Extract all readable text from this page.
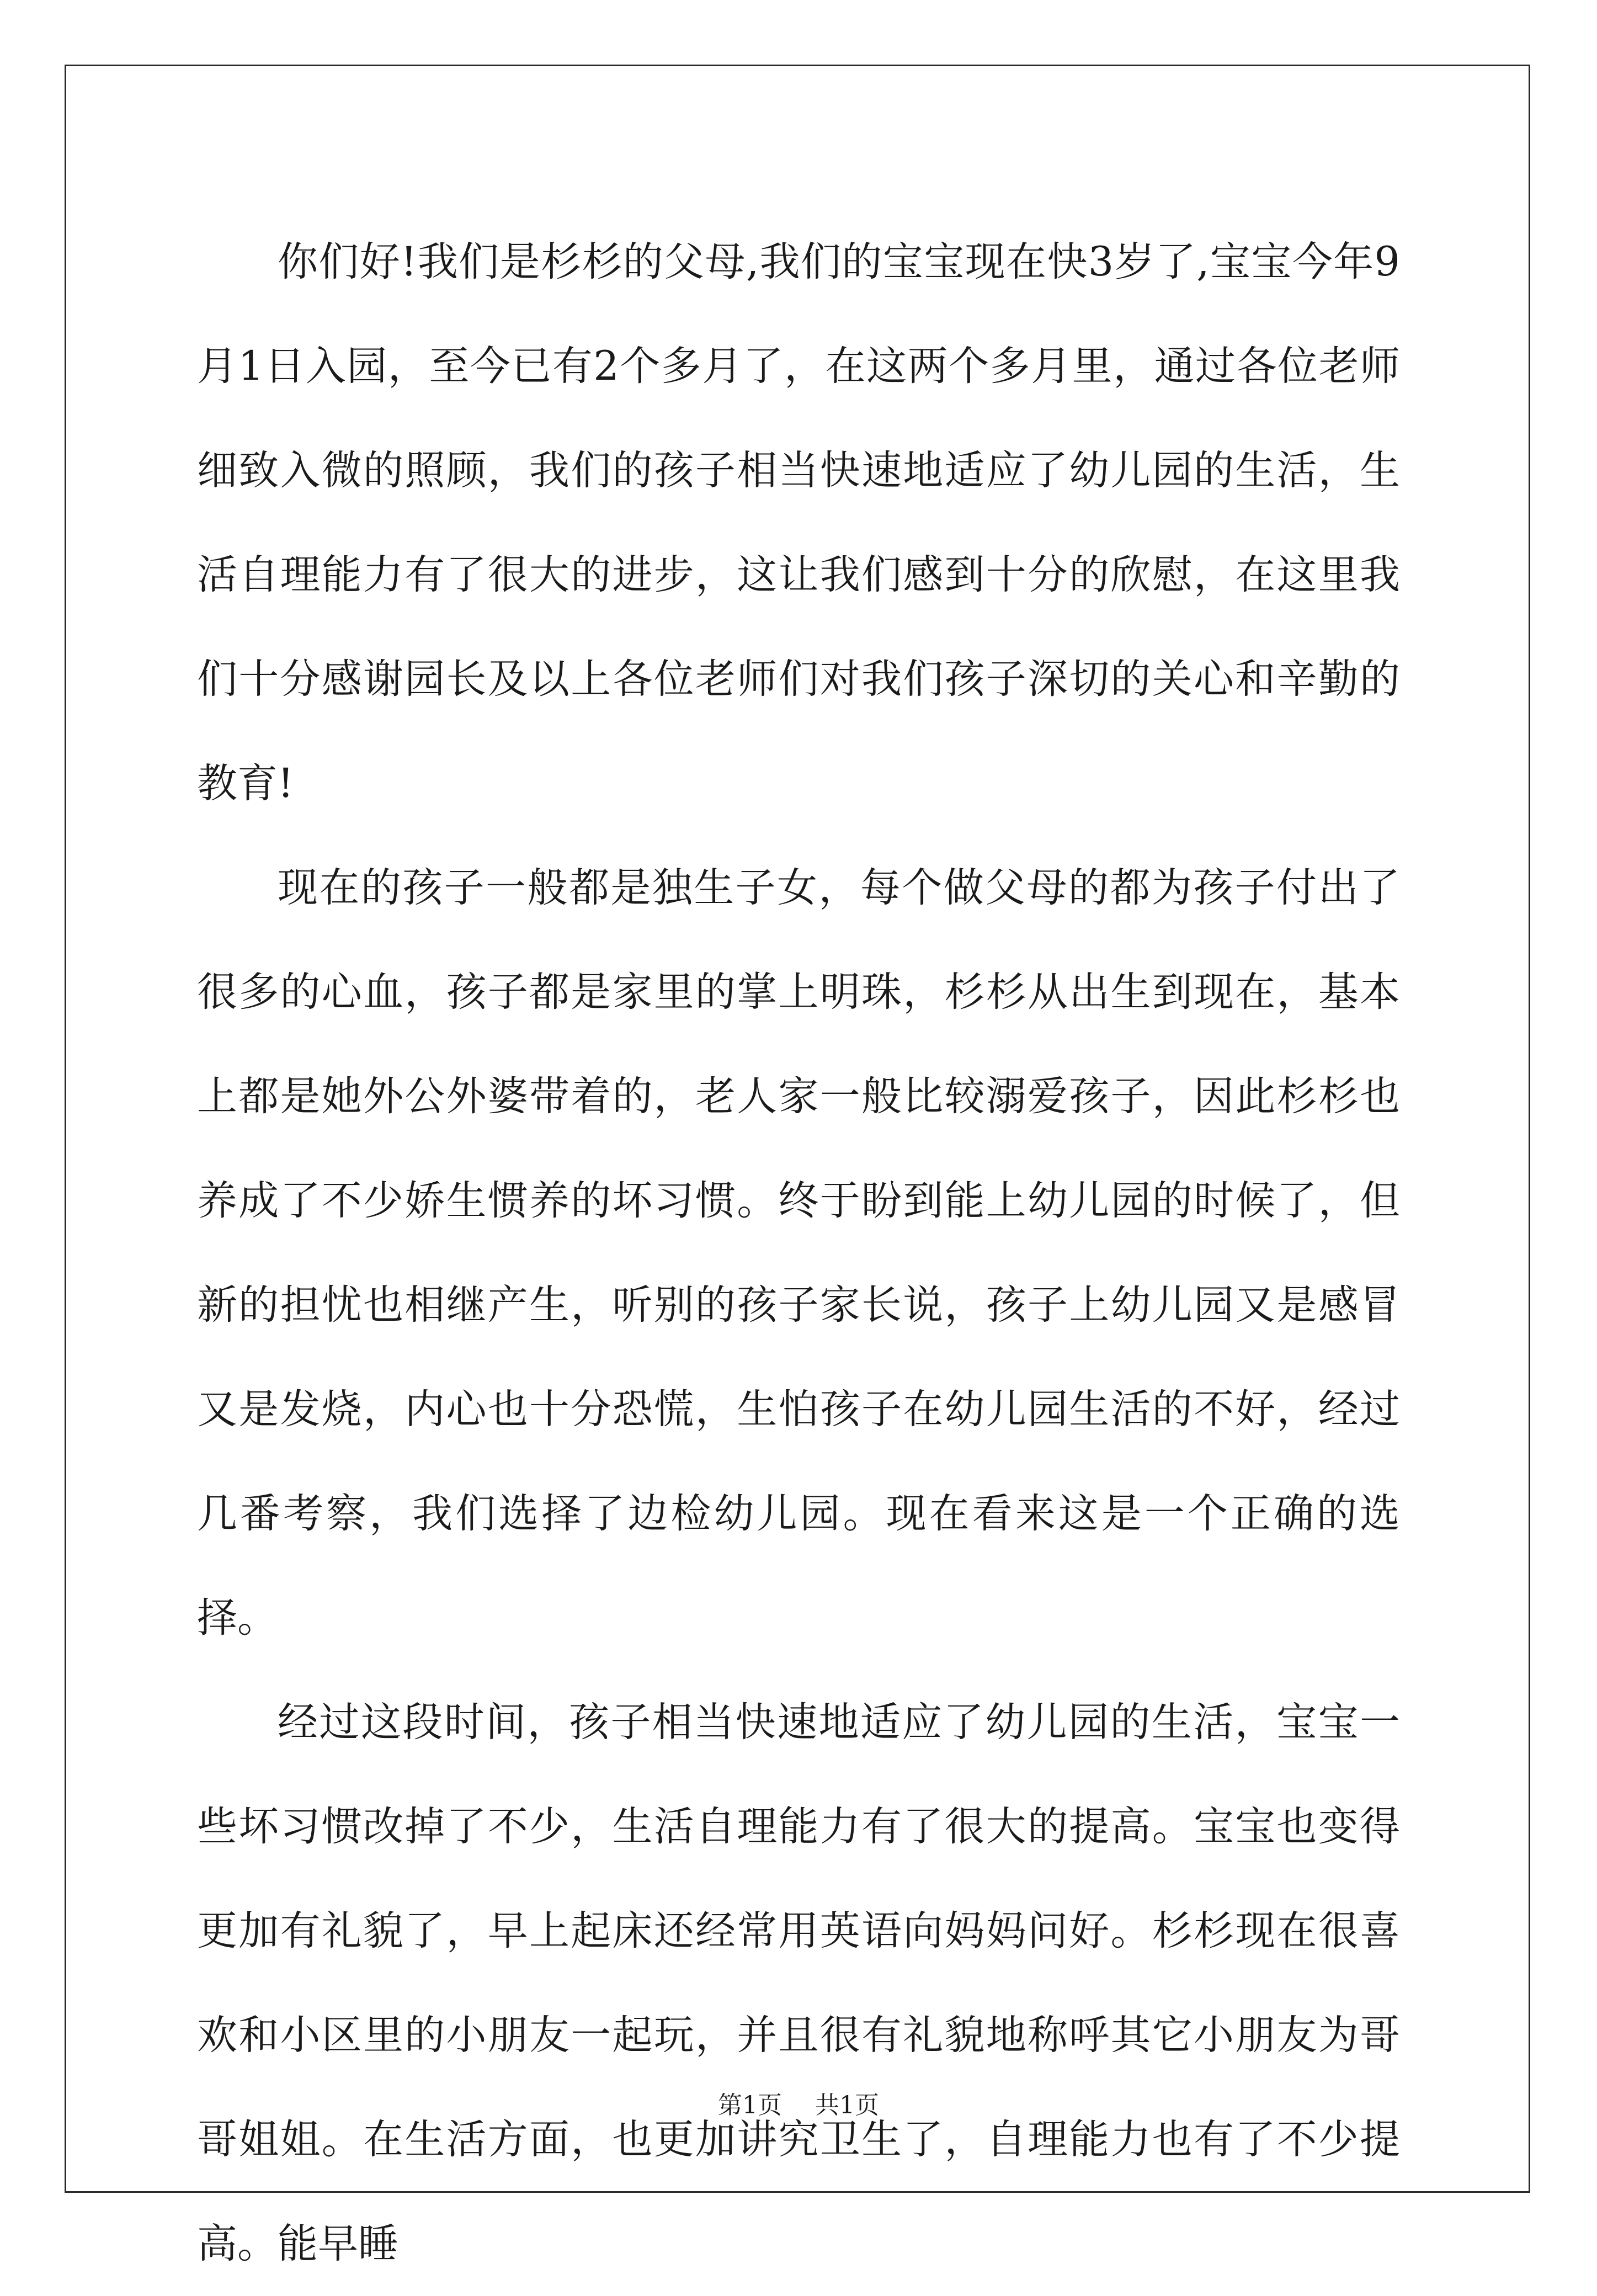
你们好!我们是杉杉的父母,我们的宝宝现在快3岁了,宝宝今年9月1日入园，至今已有2个多月了，在这两个多月里，通过各位老师细致入微的照顾，我们的孩子相当快速地适应了幼儿园的生活，生活自理能力有了很大的进步，这让我们感到十分的欣慰，在这里我们十分感谢园长及以上各位老师们对我们孩子深切的关心和辛勤的教育!

现在的孩子一般都是独生子女，每个做父母的都为孩子付出了很多的心血，孩子都是家里的掌上明珠，杉杉从出生到现在，基本上都是她外公外婆带着的，老人家一般比较溺爱孩子，因此杉杉也养成了不少娇生惯养的坏习惯。终于盼到能上幼儿园的时候了，但新的担忧也相继产生，听别的孩子家长说，孩子上幼儿园又是感冒又是发烧，内心也十分恐慌，生怕孩子在幼儿园生活的不好，经过几番考察，我们选择了边检幼儿园。现在看来这是一个正确的选择。

经过这段时间，孩子相当快速地适应了幼儿园的生活，宝宝一些坏习惯改掉了不少，生活自理能力有了很大的提高。宝宝也变得更加有礼貌了，早上起床还经常用英语向妈妈问好。杉杉现在很喜欢和小区里的小朋友一起玩，并且很有礼貌地称呼其它小朋友为哥哥姐姐。在生活方面，也更加讲究卫生了，自理能力也有了不少提高。能早睡

第1页 共1页
